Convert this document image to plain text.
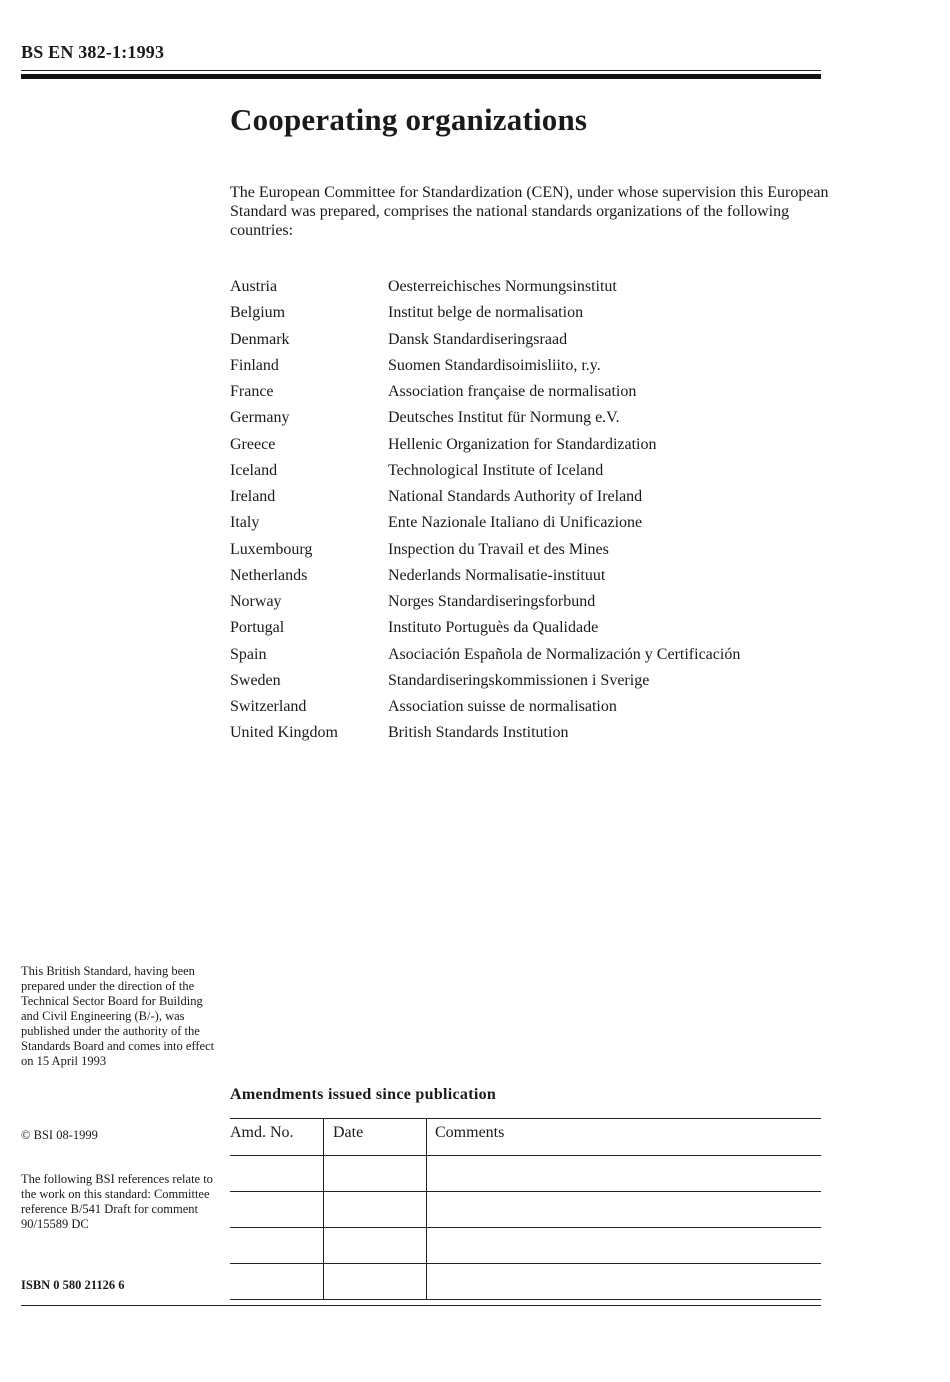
BS EN 382-1:1993
Cooperating organizations

The European Committee for Standardization (CEN), under whose supervision this European Standard was prepared, comprises the national standards organizations of the following countries:

Austria	Oesterreichisches Normungsinstitut
Belgium	Institut belge de normalisation
Denmark	Dansk Standardiseringsraad
Finland	Suomen Standardisoimisliito, r.y.
France	Association française de normalisation
Germany	Deutsches Institut für Normung e.V.
Greece	Hellenic Organization for Standardization
Iceland	Technological Institute of Iceland
Ireland	National Standards Authority of Ireland
Italy	Ente Nazionale Italiano di Unificazione
Luxembourg	Inspection du Travail et des Mines
Netherlands	Nederlands Normalisatie-instituut
Norway	Norges Standardiseringsforbund
Portugal	Instituto Portuguès da Qualidade
Spain	Asociación Española de Normalización y Certificación
Sweden	Standardiseringskommissionen i Sverige
Switzerland	Association suisse de normalisation
United Kingdom	British Standards Institution

This British Standard, having been prepared under the direction of the Technical Sector Board for Building and Civil Engineering (B/-), was published under the authority of the Standards Board and comes into effect on 15 April 1993

© BSI 08-1999

The following BSI references relate to the work on this standard: Committee reference B/541 Draft for comment 90/15589 DC

ISBN 0 580 21126 6
Amendments issued since publication
Amd. No.	Date	Comments
